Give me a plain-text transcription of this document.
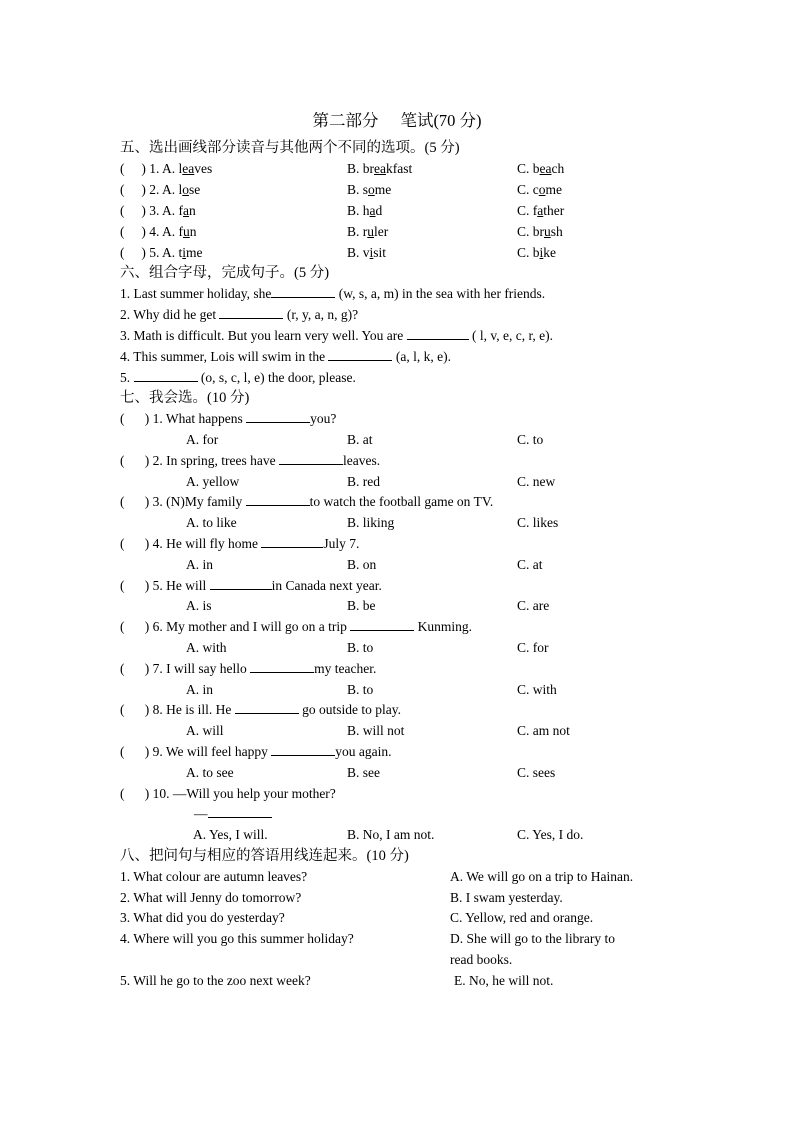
第二部分 笔试(70 分)
五、选出画线部分读音与其他两个不同的选项。(5 分)
( ) 1. A. leaves	B. breakfast	C. beach
( ) 2. A. lose	B. some	C. come
( ) 3. A. fan	B. had	C. father
( ) 4. A. fun	B. ruler	C. brush
( ) 5. A. time	B. visit	C. bike
六、组合字母，完成句子。(5 分)
1. Last summer holiday, she	(w, s, a, m) in the sea with her friends.
2. Why did he get	(r, y, a, n, g)?
3. Math is difficult. But you learn very well. You are	( l, v, e, c, r, e).
4. This summer, Lois will swim in the	(a, l, k, e).
5.	(o, s, c, l, e) the door, please.
七、我会选。(10 分)
( ) 1. What happens	you?
A. for	B. at	C. to
( ) 2. In spring, trees have	leaves.
A. yellow	B. red	C. new
( ) 3. (N)My family	to watch the football game on TV.
A. to like	B. liking	C. likes
( ) 4. He will fly home	July 7.
A. in	B. on	C. at
( ) 5. He will	in Canada next year.
A. is	B. be	C. are
( ) 6. My mother and I will go on a trip	Kunming.
A. with	B. to	C. for
( ) 7. I will say hello	my teacher.
A. in	B. to	C. with
( ) 8. He is ill. He	go outside to play.
A. will	B. will not	C. am not
( ) 9. We will feel happy	you again.
A. to see	B. see	C. sees
( ) 10. —Will you help your mother?
—
A. Yes, I will.	B. No, I am not.	C. Yes, I do.
八、把问句与相应的答语用线连起来。(10 分)
1. What colour are autumn leaves?	A. We will go on a trip to Hainan.
2. What will Jenny do tomorrow?	B. I swam yesterday.
3. What did you do yesterday?	C. Yellow, red and orange.
4. Where will you go this summer holiday?	D. She will go to the library to
read books.
5. Will he go to the zoo next week?	E. No, he will not.
